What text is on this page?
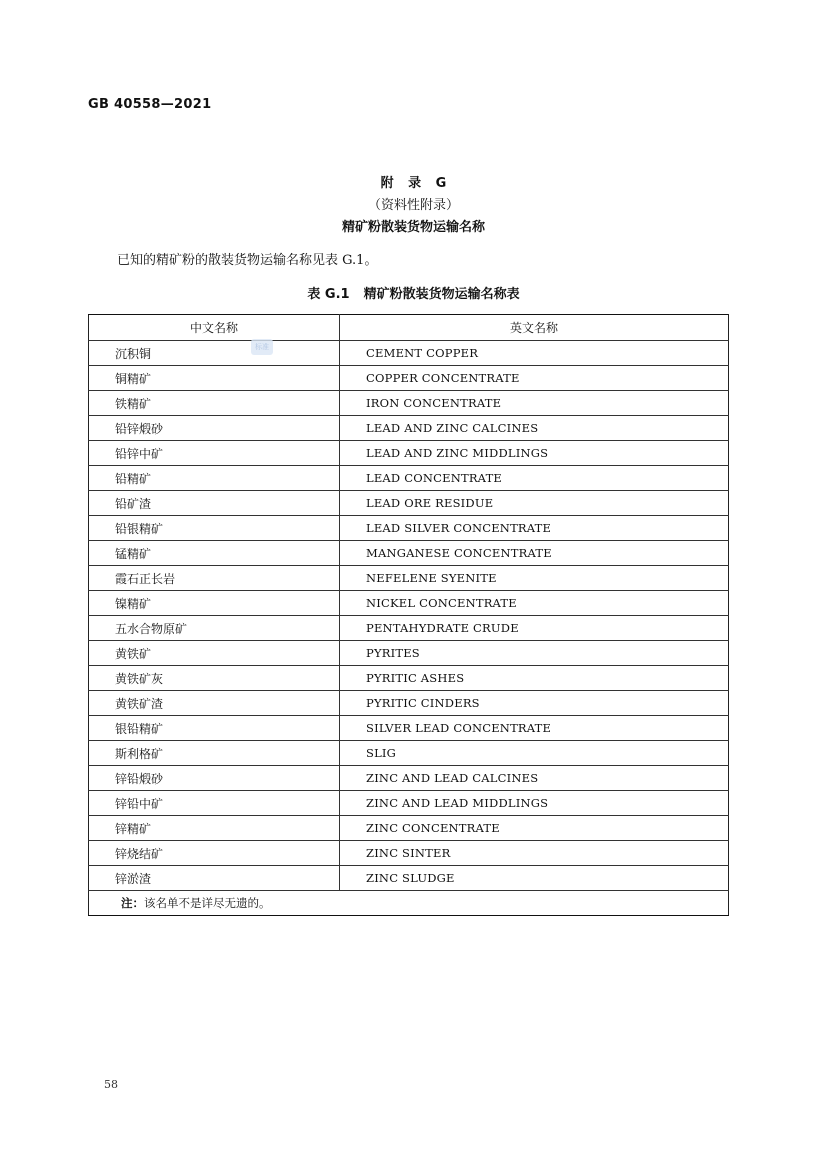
GB 40558—2021
附 录 G
（资料性附录）
精矿粉散装货物运输名称
已知的精矿粉的散装货物运输名称见表 G.1。
表 G.1 精矿粉散装货物运输名称表
中文名称	英文名称
沉积铜	CEMENT COPPER
铜精矿	COPPER CONCENTRATE
铁精矿	IRON CONCENTRATE
铅锌煅砂	LEAD AND ZINC CALCINES
铅锌中矿	LEAD AND ZINC MIDDLINGS
铅精矿	LEAD CONCENTRATE
铅矿渣	LEAD ORE RESIDUE
铅银精矿	LEAD SILVER CONCENTRATE
锰精矿	MANGANESE CONCENTRATE
霞石正长岩	NEFELENE SYENITE
镍精矿	NICKEL CONCENTRATE
五水合物原矿	PENTAHYDRATE CRUDE
黄铁矿	PYRITES
黄铁矿灰	PYRITIC ASHES
黄铁矿渣	PYRITIC CINDERS
银铅精矿	SILVER LEAD CONCENTRATE
斯利格矿	SLIG
锌铅煅砂	ZINC AND LEAD CALCINES
锌铅中矿	ZINC AND LEAD MIDDLINGS
锌精矿	ZINC CONCENTRATE
锌烧结矿	ZINC SINTER
锌淤渣	ZINC SLUDGE
注：该名单不是详尽无遗的。	
标准
58
